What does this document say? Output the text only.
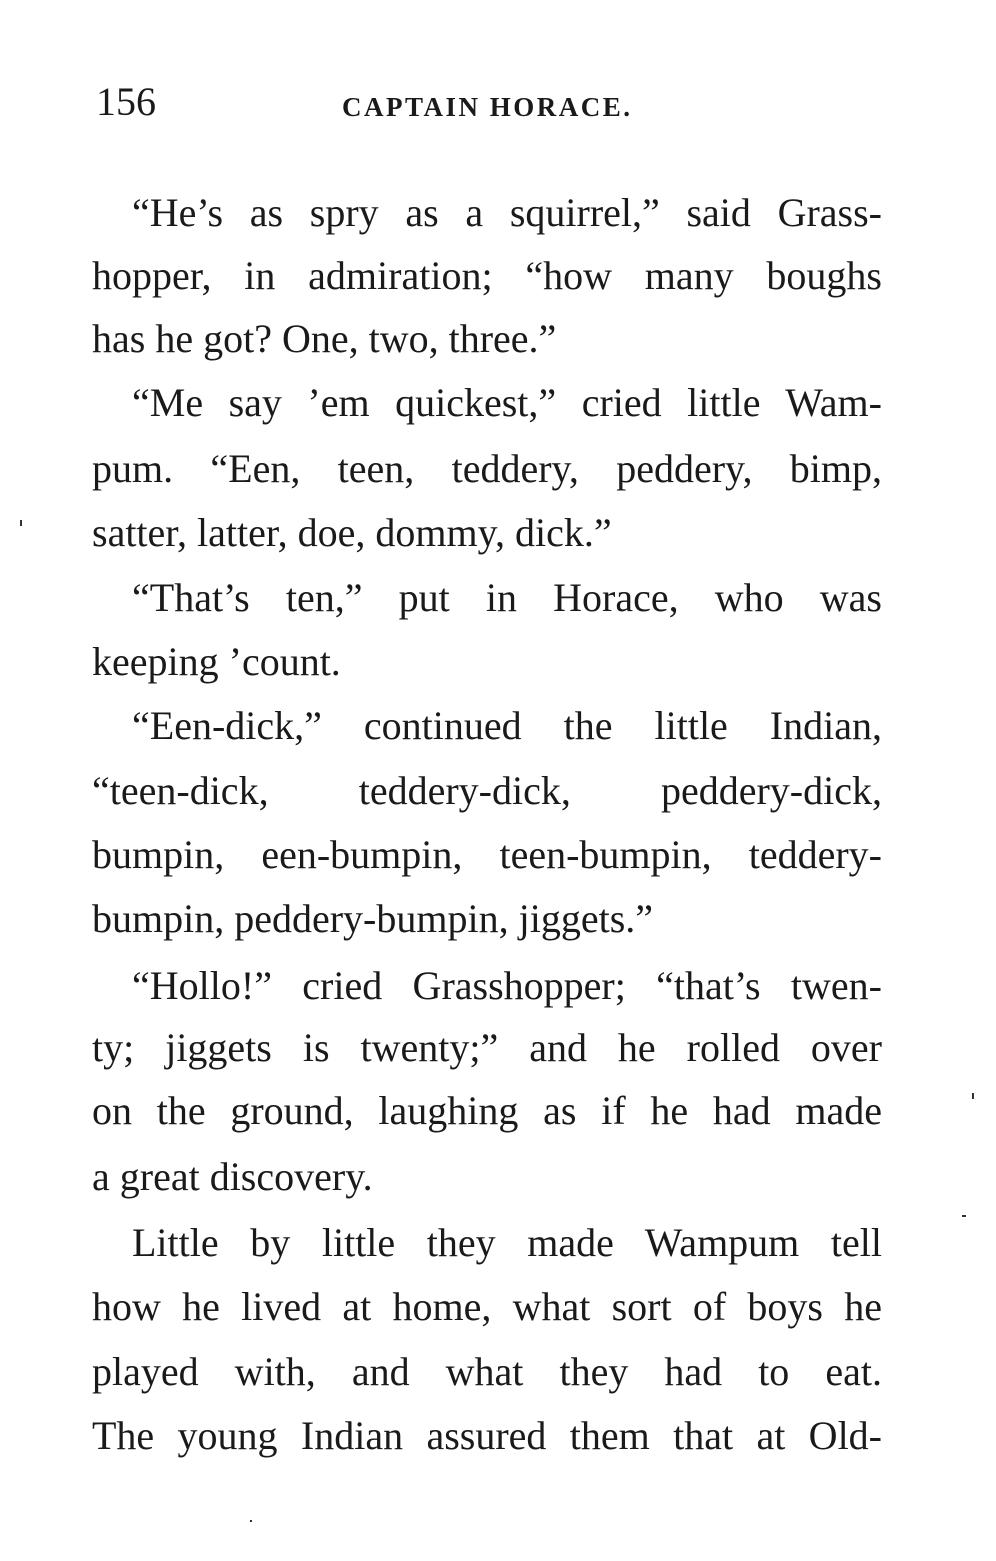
156	CAPTAIN HORACE.
“He’s as spry as a squirrel,” said Grass-
hopper, in admiration; “how many boughs
has he got? One, two, three.”
“Me say ’em quickest,” cried little Wam-
pum. “Een, teen, teddery, peddery, bimp,
satter, latter, doe, dommy, dick.”
“That’s ten,” put in Horace, who was
keeping ’count.
“Een-dick,” continued the little Indian,
“teen-dick, teddery-dick, peddery-dick,
bumpin, een-bumpin, teen-bumpin, teddery-
bumpin, peddery-bumpin, jiggets.”
“Hollo!” cried Grasshopper; “that’s twen-
ty; jiggets is twenty;” and he rolled over
on the ground, laughing as if he had made
a great discovery.
Little by little they made Wampum tell
how he lived at home, what sort of boys he
played with, and what they had to eat.
The young Indian assured them that at Old-
